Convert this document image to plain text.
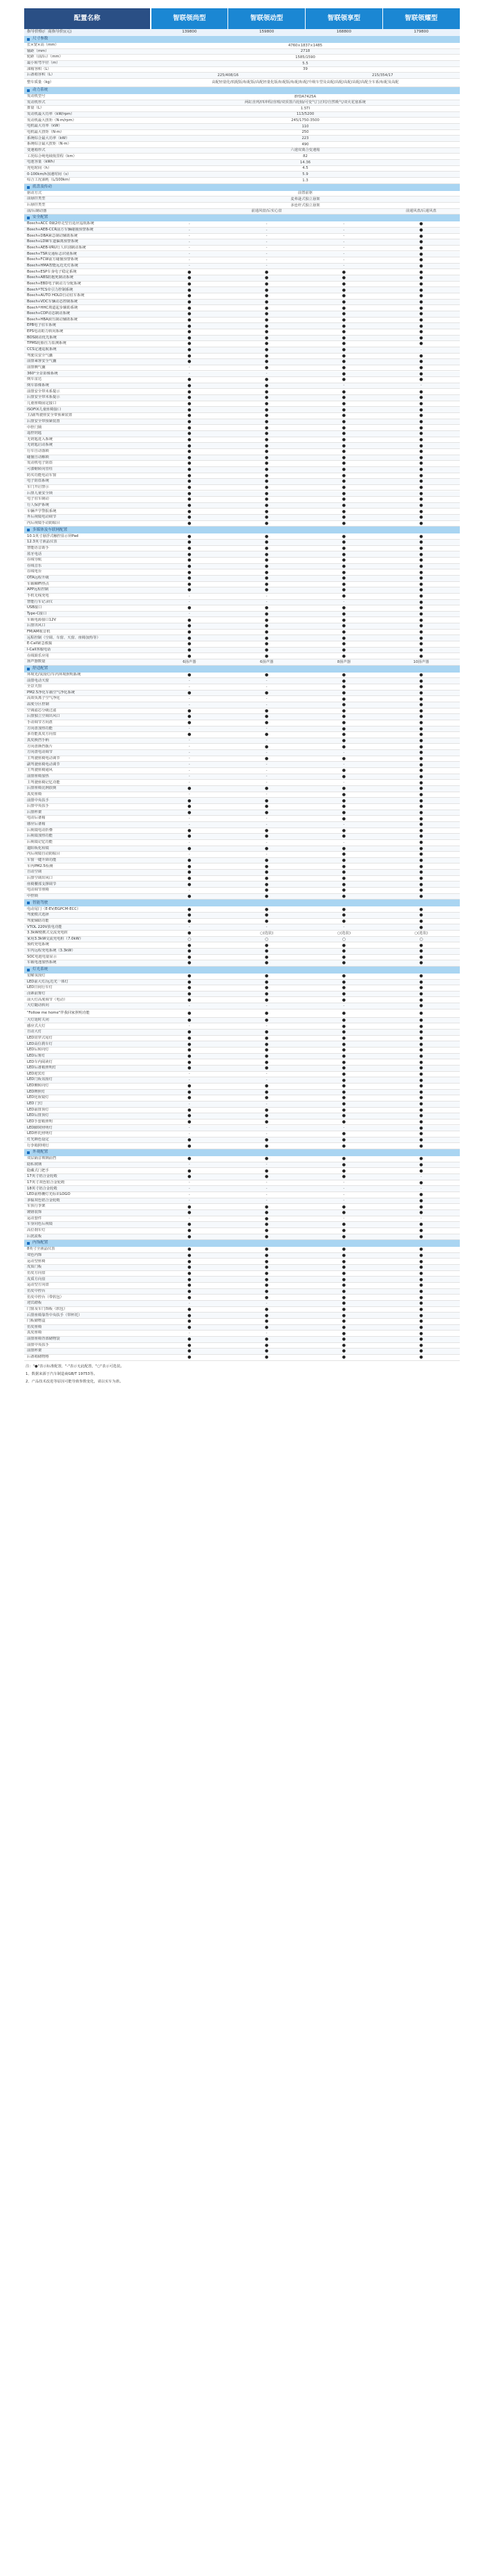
配置名称	智联领尚型	智联领动型	智联领享型	智联领耀型
指导价格(厂商指导价)(元)	139800	159800	168800	179800
尺寸参数
长×宽×高（mm）	4760×1837×1485
轴距（mm）	2718
轮距（前/后）（mm）	1585/1590
最小转弯半径（m）	5.5
油箱容积（L）	39
后备箱容积（L）	225/408/16	215/354/17
整车质量（kg）	高配轻量化/低配版/标配版/高配轻量化版/标配版/标配/标配/升级车型及高配/高配/高配/高配/高配全车系/标配及高配
动力系统
发动机型号	8YDA7425A
发动机形式	两缸直列/四冲程/直喷/双顶置凸轮轴/可变气门正时/自然吸气/双火花塞系统
排量（L）	1.5TI
发动机最大功率（kW/rpm）	113/5200
发动机最大扭矩（N·m/rpm）	245/1750-3500
电机最大功率（kW）	110
电机最大扭矩（N·m）	250
系统综合最大功率（kW）	223
系统综合最大扭矩（N·m）	490
变速箱形式	六速双离合变速箱
工况综合纯电续航里程（km）	82
电池容量（kWh）	14.36
充电时间（h）	4.5
0-100km/h加速时间（s）	5.9
综合工况油耗（L/100km）	1.3
底盘及传动
驱动方式	前置前驱
前悬挂类型	麦弗逊式独立悬架
后悬挂类型	多连杆式独立悬架
前/后制动器	前通风盘/后实心盘	前通风盘/后通风盘
安全配置
Bosch ® ACC 0級2停走型自适应巡航系统	-	-	-	●
Bosch ® AEB-CCR前方车辆碰撞预警系统	-	-	-	●
Bosch ® DBA紧急制动辅助系统	-	-	-	●
Bosch ® LDW车道偏离预警系统	-	-	-	●
Bosch ® AEB-VRU行人识别制动系统	-	-	-	●
Bosch ® TSR交通标志识别系统	-	-	-	●
Bosch ® FCW前方碰撞预警系统	-	-	-	●
Bosch ® HMA智能远近光灯系统	-	-	-	●
Bosch ® ESP车身电子稳定系统	●	●	●	●
Bosch ® ABS防抱死制动系统	●	●	●	●
Bosch ® EBD电子制动力分配系统	●	●	●	●
Bosch ® TCS牵引力控制系统	●	●	●	●
Bosch ® AUTO HOLD自动驻车系统	●	●	●	●
Bosch ® VDC车辆动态控制系统	●	●	●	●
Bosch ® HHC坡道起步辅助系统	●	●	●	●
Bosch ® CDP动态制动系统	●	●	●	●
Bosch ® HBA液压制动辅助系统	●	●	●	●
EPB电子驻车系统	●	●	●	●
EPS电动助力转向系统	●	●	●	●
BOS制动优先系统	●	●	●	●
TPMS轮胎压力监测系统	●	●	●	●
CCS定速巡航系统	●	●	●	-
驾驶员安全气囊	●	●	●	●
前排乘客安全气囊	●	●	●	●
前排侧气囊	-	●	●	●
360°全景影像系统	-	-	●	●
倒车雷达	●	●	●	●
倒车影像系统	●	●	-	-
前排安全带未系提示	●	●	●	●
后排安全带未系提示	●	●	●	●
儿童座椅固定接口	●	●	●	●
ISOFIX儿童座椅接口	●	●	●	●
主/副驾驶座安全带预紧装置	●	●	●	●
后排安全带预紧装置	●	●	●	●
中控门锁	●	●	●	●
遥控钥匙	●	●	●	●
无钥匙进入系统	●	●	●	●
无钥匙启动系统	●	●	●	●
行车自动落锁	●	●	●	●
碰撞自动解锁	●	●	●	●
发动机电子防盗	●	●	●	●
可溃缩转向管柱	●	●	●	●
防夹功能电动车窗	●	●	●	●
电子防盗系统	●	●	●	●
车门开启警示	●	●	●	●
后排儿童安全锁	●	●	●	●
电子驻车制动	●	●	●	●
行人保护系统	●	●	●	●
车辆声学警报系统	●	●	●	●
外后视镜电动调节	●	●	●	●
内后视镜手动防眩目	●	●	●	●
多媒体及车联网配置
10.1英寸悬浮式触控显示屏Pad	●	●	●	●
12.3英寸液晶仪表	●	●	●	●
智能语音助手	●	●	●	●
蓝牙电话	●	●	●	●
在线导航	●	●	●	●
在线音乐	●	●	●	●
在线电台	●	●	●	●
OTA远程升级	●	●	●	●
车载WiFi热点	●	●	●	●
APP远程控制	●	●	●	●
手机无线充电	-	-	●	●
智能行车记录仪	-	-	-	●
USB接口	●	●	●	●
Type-C接口	-	●	●	●
车载电源接口12V	●	●	●	●
后排出风口	●	●	●	●
FM/AM收音机	●	●	●	●
远程控制（空调、车窗、天窗、座椅加热等）	●	●	●	●
E-Call紧急救援	●	●	●	●
I-Call客服电话	●	●	●	●
在线娱乐应用	●	●	●	●
扬声器数量	6扬声器	6扬声器	8扬声器	10扬声器
舒适配置
环境光/氛围灯/车内环境照明系统	●	●	●	●
前排电动天窗	-	-	●	●
全景天窗	-	-	●	●
PM2.5净化车载空气净化系统	●	●	●	●
高效负离子空气净化	-	-	●	●
温度分区控制	-	-	●	●
空调滤芯分级过滤	●	●	●	●
后排独立空调出风口	●	●	●	●
手动调节方向盘	●	●	●	●
方向盘加热功能	-	-	●	●
多功能真皮方向盘	●	●	●	●
真皮换挡手柄	-	-	●	●
方向盘换挡拨片	-	●	●	●
方向盘电动调节	-	-	-	●
主驾驶座椅电动调节	-	●	●	●
副驾驶座椅电动调节	-	-	-	●
主驾驶座椅通风	-	-	●	●
前排座椅加热	-	-	●	●
主驾驶座椅记忆功能	-	-	-	●
后排座椅比例放倒	●	●	●	●
真皮座椅	-	-	●	●
前排中央扶手	●	●	●	●
后排中央扶手	●	●	●	●
后排杯架	●	●	●	●
电动后备箱	-	-	●	●
感应后备箱	-	-	-	●
后视镜电动折叠	●	●	●	●
后视镜加热功能	●	●	●	●
后视镜记忆功能	-	-	-	●
遮阳板化妆镜	●	●	●	●
内后视镜自动防眩目	-	-	●	●
车窗一键升降功能	●	●	●	●
车内PM2.5检测	●	●	●	●
自动空调	●	●	●	●
后排空调出风口	●	●	●	●
座椅腰部支撑调节	●	●	●	●
电动调节座椅	-	●	●	●
中控锁	●	●	●	●
智能驾驶
电动尾门（E-EV/EGPCM-ECC）	●	●	●	●
驾驶模式选择	●	●	●	●
驾驶辅助功能	●	●	●	●
VTOL 220V放电功能	-	-	-	●
3.3kW便携式交流充电桩	●	○(选装)	○(选装)	○(选装)
家用3.3kW交流充电桩（7.0kW）	○	○	○	○
预约充电系统	●	●	●	●
车内远程充电系统（3.3kW）	●	●	●	●
SOC电池电量显示	●	●	●	●
车载电池加热系统	●	●	●	●
灯光系统
星曜氛围灯	●	●	●	●
LED前大灯/远近光一体灯	●	●	●	●
LED日间行车灯	●	●	●	●
卤素前雾灯	●	●	●	●
前大灯高度调节（电动）	●	●	●	●
大灯随动转向	-	-	-	●
"Follow me home"伴我回家照明功能	●	●	●	●
大灯延时关闭	●	●	●	●
感应式大灯	-	-	●	●
自动大灯	●	●	●	●
LED贯穿式尾灯	●	●	●	●
LED高位刹车灯	●	●	●	●
LED后转向灯	●	●	●	●
LED后雾灯	●	●	●	●
LED车内阅读灯	●	●	●	●
LED后备箱照明灯	●	●	●	●
LED迎宾灯	-	-	●	●
LED门板氛围灯	-	-	●	●
LED侧转向灯	●	●	●	●
LED牌照灯	●	●	●	●
LED化妆镜灯	●	●	●	●
LED 门灯	-	-	●	●
LED前排顶灯	●	●	●	●
LED后排顶灯	●	●	●	●
LED手套箱照明	●	●	●	●
LED脚窝照明灯	-	-	-	●
LED杯托照明灯	-	-	●	●
灯光颜色设定	●	●	●	●
行李箱照明灯	●	●	●	●
外观配置
双层隔音玻璃前挡	●	●	●	●
隐私玻璃	-	-	●	●
隐藏式门把手	●	●	●	●
17英寸铝合金轮毂	●	●	●	-
17英寸双色铝合金轮毂	-	-	-	●
18英寸铝合金轮毂	-	-	-	-
LED前格栅灯光标识LOGO	-	-	-	●
多辐双色铝合金轮毂	-	-	-	●
车顶行李架	●	●	●	●
镀铬装饰	●	●	●	●
运动套件	-	●	-	-
车身同色后视镜	●	●	●	●
高位刹车灯	●	●	●	●
后扰流板	●	●	●	●
内饰配置
8英寸全液晶仪表	●	●	●	●
双色内饰	●	●	●	●
运动型座椅	●	●	●	●
皮质门板	●	●	●	●
仿皮方向盘	●	●	●	●
皮质方向盘	●	●	●	●
运动型方向盘	●	●	●	●
仿皮中控台	●	●	●	●
仿皮中控台（带软包）	●	●	●	●
迎宾踏板	-	-	●	●
门窗及车门饰板（软包）	●	●	●	●
后排座椅靠背中央扶手（带杯托）	●	●	●	●
门板储物盒	●	●	●	●
仿皮座椅	●	●	●	●
真皮座椅	-	-	●	●
前排座椅背部储物袋	●	●	●	●
前排中央扶手	●	●	●	●
前排杯架	●	●	●	●
后备箱储物格	●	●	●	●
注："●"表示标准配置，"-"表示无此配置，"○"表示可选装。
1、数据来源于汽车制造商GB/T 19753等。
2、产品技术改进等原因可能导致参数变化，请以实车为准。
